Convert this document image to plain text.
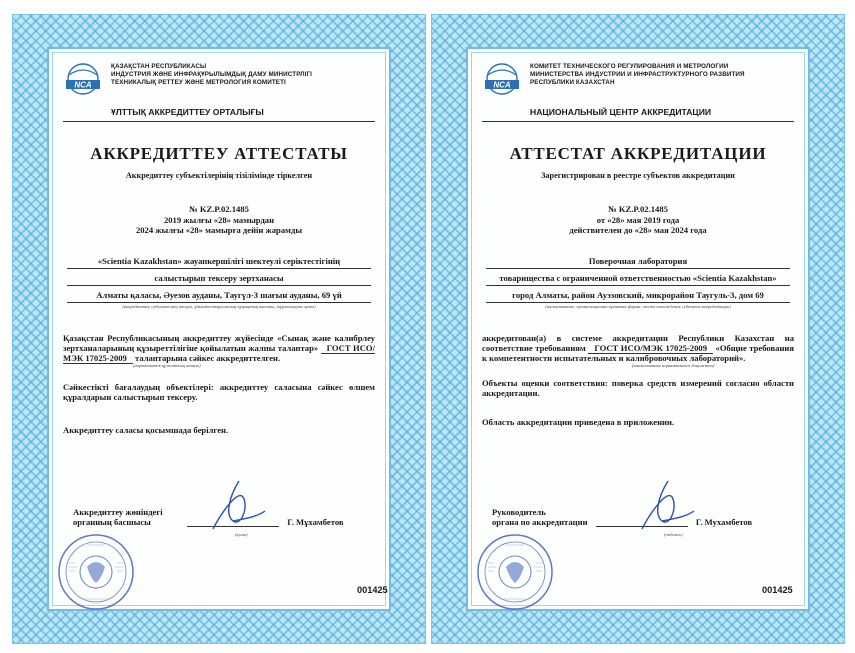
NCA
ҚАЗАҚСТАН РЕСПУБЛИКАСЫ
ИНДУСТРИЯ ЖӘНЕ ИНФРАҚҰРЫЛЫМДЫҚ ДАМУ МИНИСТРЛІГІ
ТЕХНИКАЛЫҚ РЕТТЕУ ЖӘНЕ МЕТРОЛОГИЯ КОМИТЕТІ
ҰЛТТЫҚ АККРЕДИТТЕУ ОРТАЛЫҒЫ
АККРЕДИТТЕУ АТТЕСТАТЫ
Аккредиттеу субъектілерінің тізілімінде тіркелген
№ KZ.P.02.1485
2019 жылғы «28» мамырдан
2024 жылғы «28» мамырға дейін жарамды
«Scientia Kazakhstan» жауапкершілігі шектеулі серіктестігінің
салыстырып тексеру зертханасы
Алматы қаласы, Әуезов ауданы, Таугүл-3 шағын ауданы, 69 үй
(аккредиттеу субъектісінің атауы, ұйымдастырушылық-құқықтық нысаны, тұрғылықты орны)
Қазақстан Республикасының аккредиттеу жүйесінде «Сынақ және калибрлеу зертханаларының құзыреттілігіне қойылатын жалпы талаптар» ГОСТ ИСО/МЭК 17025-2009 талаптарына сәйкес аккредиттелген.
(нормативтік құжаттың атауы)
Сәйкестікті бағалаудың объектілері: аккредиттеу саласына сәйкес өлшем құралдарын салыстырып тексеру.
Аккредиттеу саласы қосымшада берілген.
Аккредиттеу жөніндегі
органның басшысы	Г. Мұхамбетов
(қолы)
001425
NCA
КОМИТЕТ ТЕХНИЧЕСКОГО РЕГУЛИРОВАНИЯ И МЕТРОЛОГИИ
МИНИСТЕРСТВА ИНДУСТРИИ И ИНФРАСТРУКТУРНОГО РАЗВИТИЯ
РЕСПУБЛИКИ КАЗАХСТАН
НАЦИОНАЛЬНЫЙ ЦЕНТР АККРЕДИТАЦИИ
АТТЕСТАТ АККРЕДИТАЦИИ
Зарегистрирован в реестре субъектов аккредитации
№ KZ.P.02.1485
от «28» мая 2019 года
действителен до «28» мая 2024 года
Поверочная лаборатория
товарищества с ограниченной ответственностью «Scientia Kazakhstan»
город Алматы, район Ауэзовский, микрорайон Таугуль-3, дом 69
(наименование, организационно-правовая форма, место нахождения субъекта аккредитации)
аккредитован(а) в системе аккредитации Республики Казахстан на соответствие требованиям ГОСТ ИСО/МЭК 17025-2009 «Общие требования к компетентности испытательных и калибровочных лабораторий».
(наименование нормативного документа)
Объекты оценки соответствия: поверка средств измерений согласно области аккредитации.
Область аккредитации приведена в приложении.
Руководитель
органа по аккредитации	Г. Мухамбетов
(подпись)
001425
